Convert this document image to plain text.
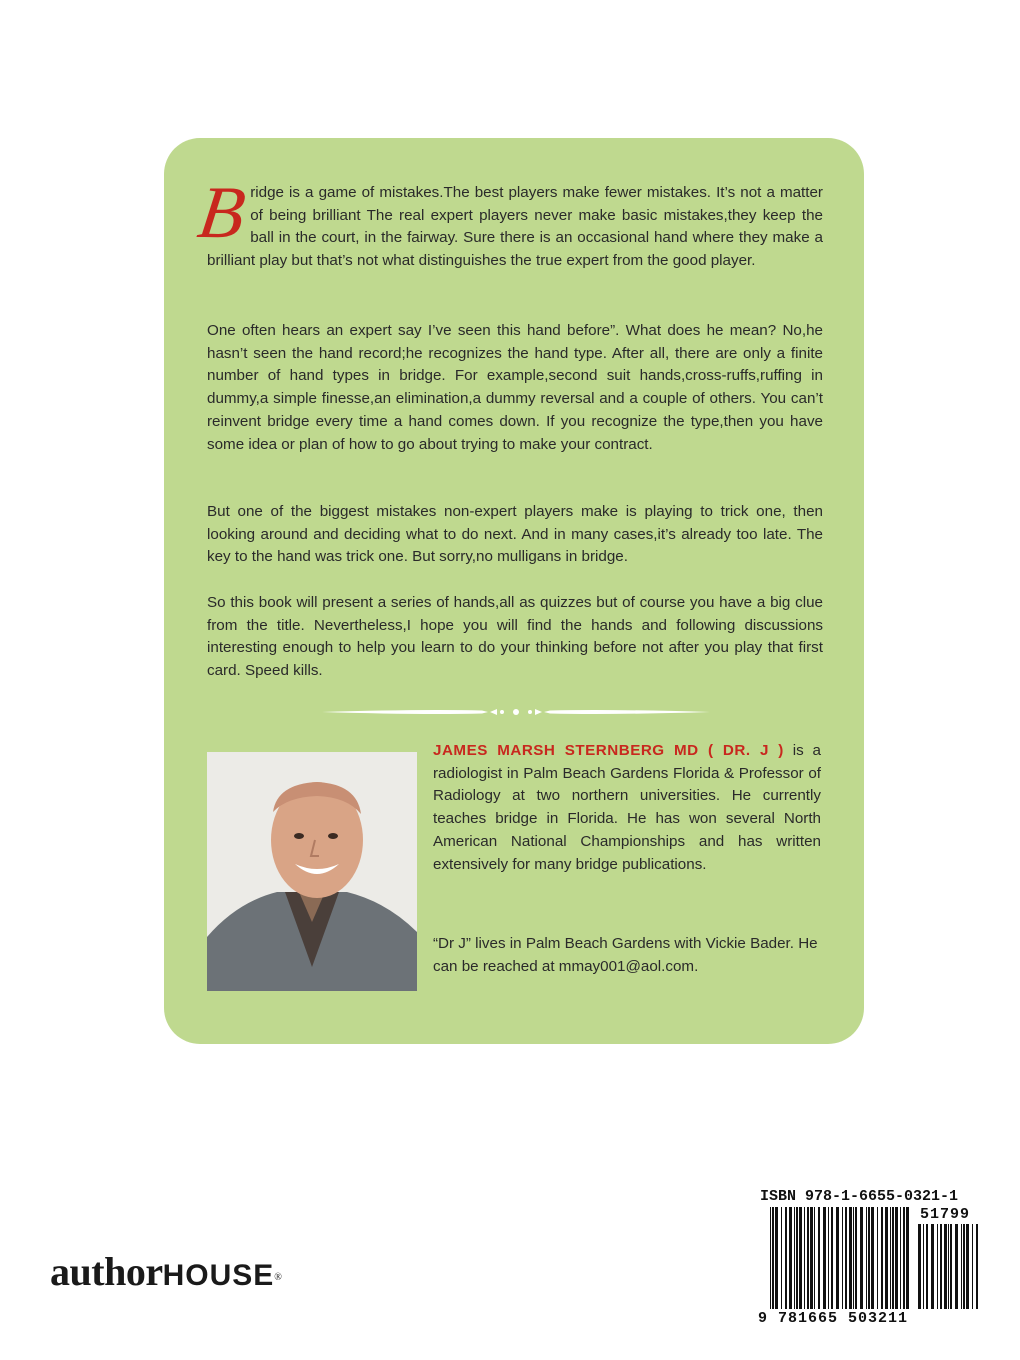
Bridge is a game of mistakes.The best players make fewer mistakes. It’s not a matter of being brilliant The real expert players never make basic mistakes,they keep the ball in the court, in the fairway. Sure there is an occasional hand where they make a brilliant play but that’s not what distinguishes the true expert from the good player.

One often hears an expert say I’ve seen this hand before”. What does he mean? No,he hasn’t seen the hand record;he recognizes the hand type. After all, there are only a finite number of hand types in bridge. For example,second suit hands,cross-ruffs,ruffing in dummy,a simple finesse,an elimination,a dummy reversal and a couple of others. You can’t reinvent bridge every time a hand comes down. If you recognize the type,then you have some idea or plan of how to go about trying to make your contract.

But one of the biggest mistakes non-expert players make is playing to trick one, then looking around and deciding what to do next. And in many cases,it’s already too late. The key to the hand was trick one. But sorry,no mulligans in bridge.

So this book will present a series of hands,all as quizzes but of course you have a big clue from the title. Nevertheless,I hope you will find the hands and following discussions interesting enough to help you learn to do your thinking before not after you play that first card. Speed kills.

JAMES MARSH STERNBERG MD ( DR. J ) is a radiologist in Palm Beach Gardens Florida & Professor of Radiology at two northern universities. He currently teaches bridge in Florida. He has won several North American National Championships and has written extensively for many bridge publications.

“Dr J” lives in Palm Beach Gardens with Vickie Bader. He can be reached at mmay001@aol.com.

authorHOUSE®
ISBN 978-1-6655-0321-1
51799
9 781665 503211
